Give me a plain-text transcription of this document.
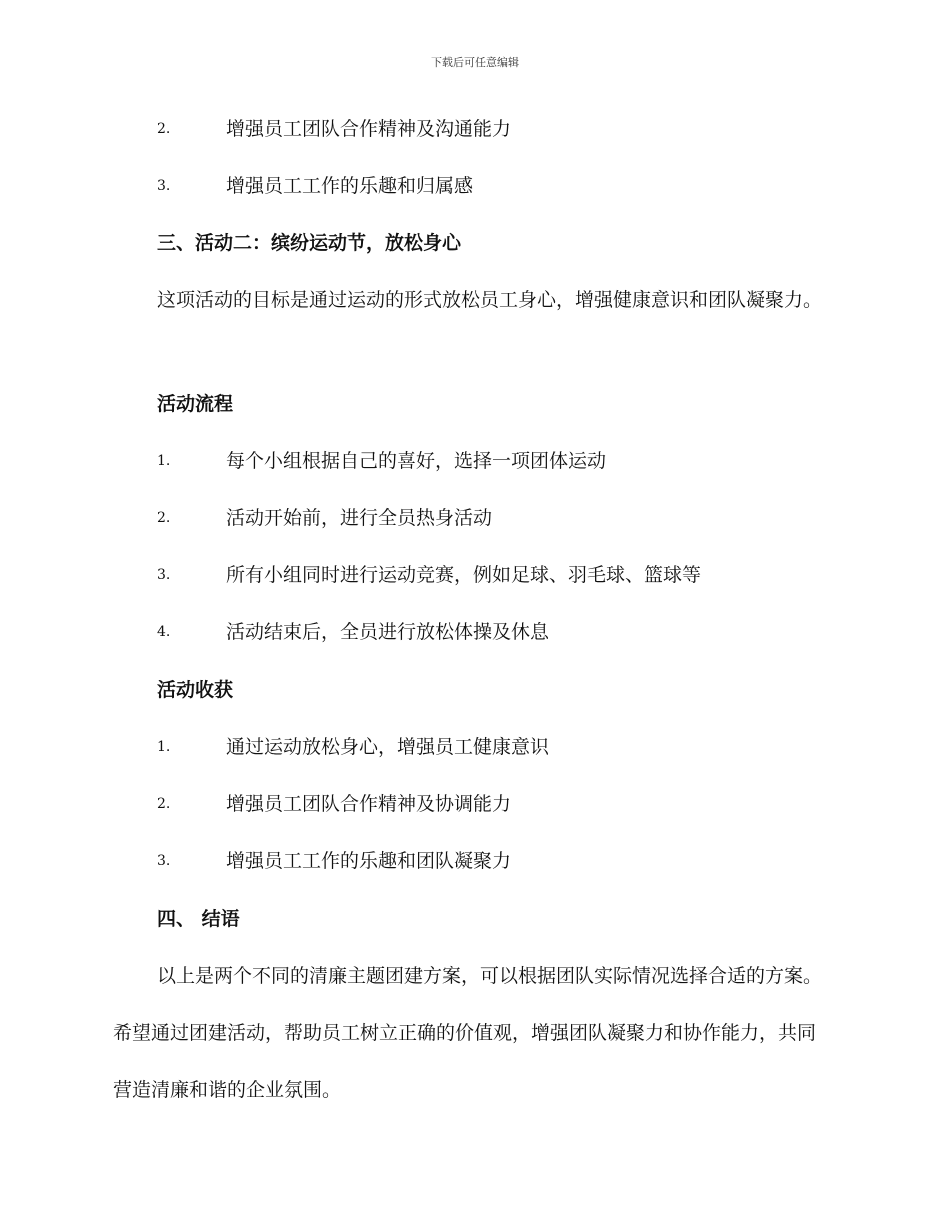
下载后可任意编辑
2.	增强员工团队合作精神及沟通能力
3.	增强员工工作的乐趣和归属感
三、活动二：缤纷运动节，放松身心
这项活动的目标是通过运动的形式放松员工身心，增强健康意识和团队凝聚力。
活动流程
1.	每个小组根据自己的喜好，选择一项团体运动
2.	活动开始前，进行全员热身活动
3.	所有小组同时进行运动竞赛，例如足球、羽毛球、篮球等
4.	活动结束后，全员进行放松体操及休息
活动收获
1.	通过运动放松身心，增强员工健康意识
2.	增强员工团队合作精神及协调能力
3.	增强员工工作的乐趣和团队凝聚力
四、 结语
以上是两个不同的清廉主题团建方案，可以根据团队实际情况选择合适的方案。希望通过团建活动，帮助员工树立正确的价值观，增强团队凝聚力和协作能力，共同营造清廉和谐的企业氛围。
